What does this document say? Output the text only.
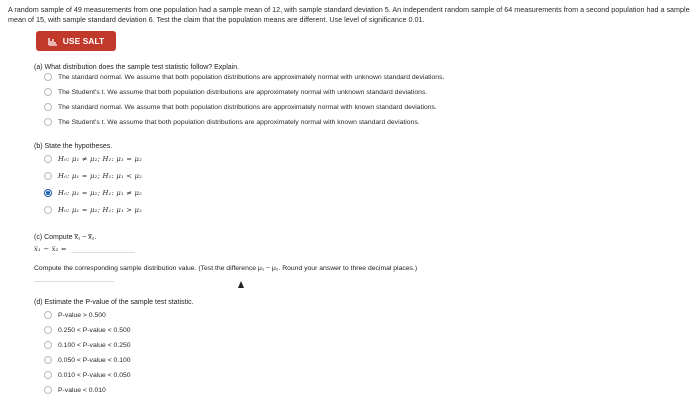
A random sample of 49 measurements from one population had a sample mean of 12, with sample standard deviation 5. An independent random sample of 64 measurements from a second population had a sample mean of 15, with sample standard deviation 6. Test the claim that the population means are different. Use level of significance 0.01.
USE SALT
(a) What distribution does the sample test statistic follow? Explain.
The standard normal. We assume that both population distributions are approximately normal with unknown standard deviations.
The Student's t. We assume that both population distributions are approximately normal with unknown standard deviations.
The standard normal. We assume that both population distributions are approximately normal with known standard deviations.
The Student's t. We assume that both population distributions are approximately normal with known standard deviations.
(b) State the hypotheses.
H₀: μ₁ ≠ μ₂; H₁: μ₁ = μ₂
H₀: μ₁ = μ₂; H₁: μ₁ < μ₂
H₀: μ₁ = μ₂; H₁: μ₁ ≠ μ₂
H₀: μ₁ = μ₂; H₁: μ₁ > μ₂
(c) Compute x̅₁ − x̅₂.
x̅₁ − x̅₂ =
Compute the corresponding sample distribution value. (Test the difference μ₁ − μ₂. Round your answer to three decimal places.)
(d) Estimate the P-value of the sample test statistic.
P-value > 0.500
0.250 < P-value < 0.500
0.100 < P-value < 0.250
0.050 < P-value < 0.100
0.010 < P-value < 0.050
P-value < 0.010
